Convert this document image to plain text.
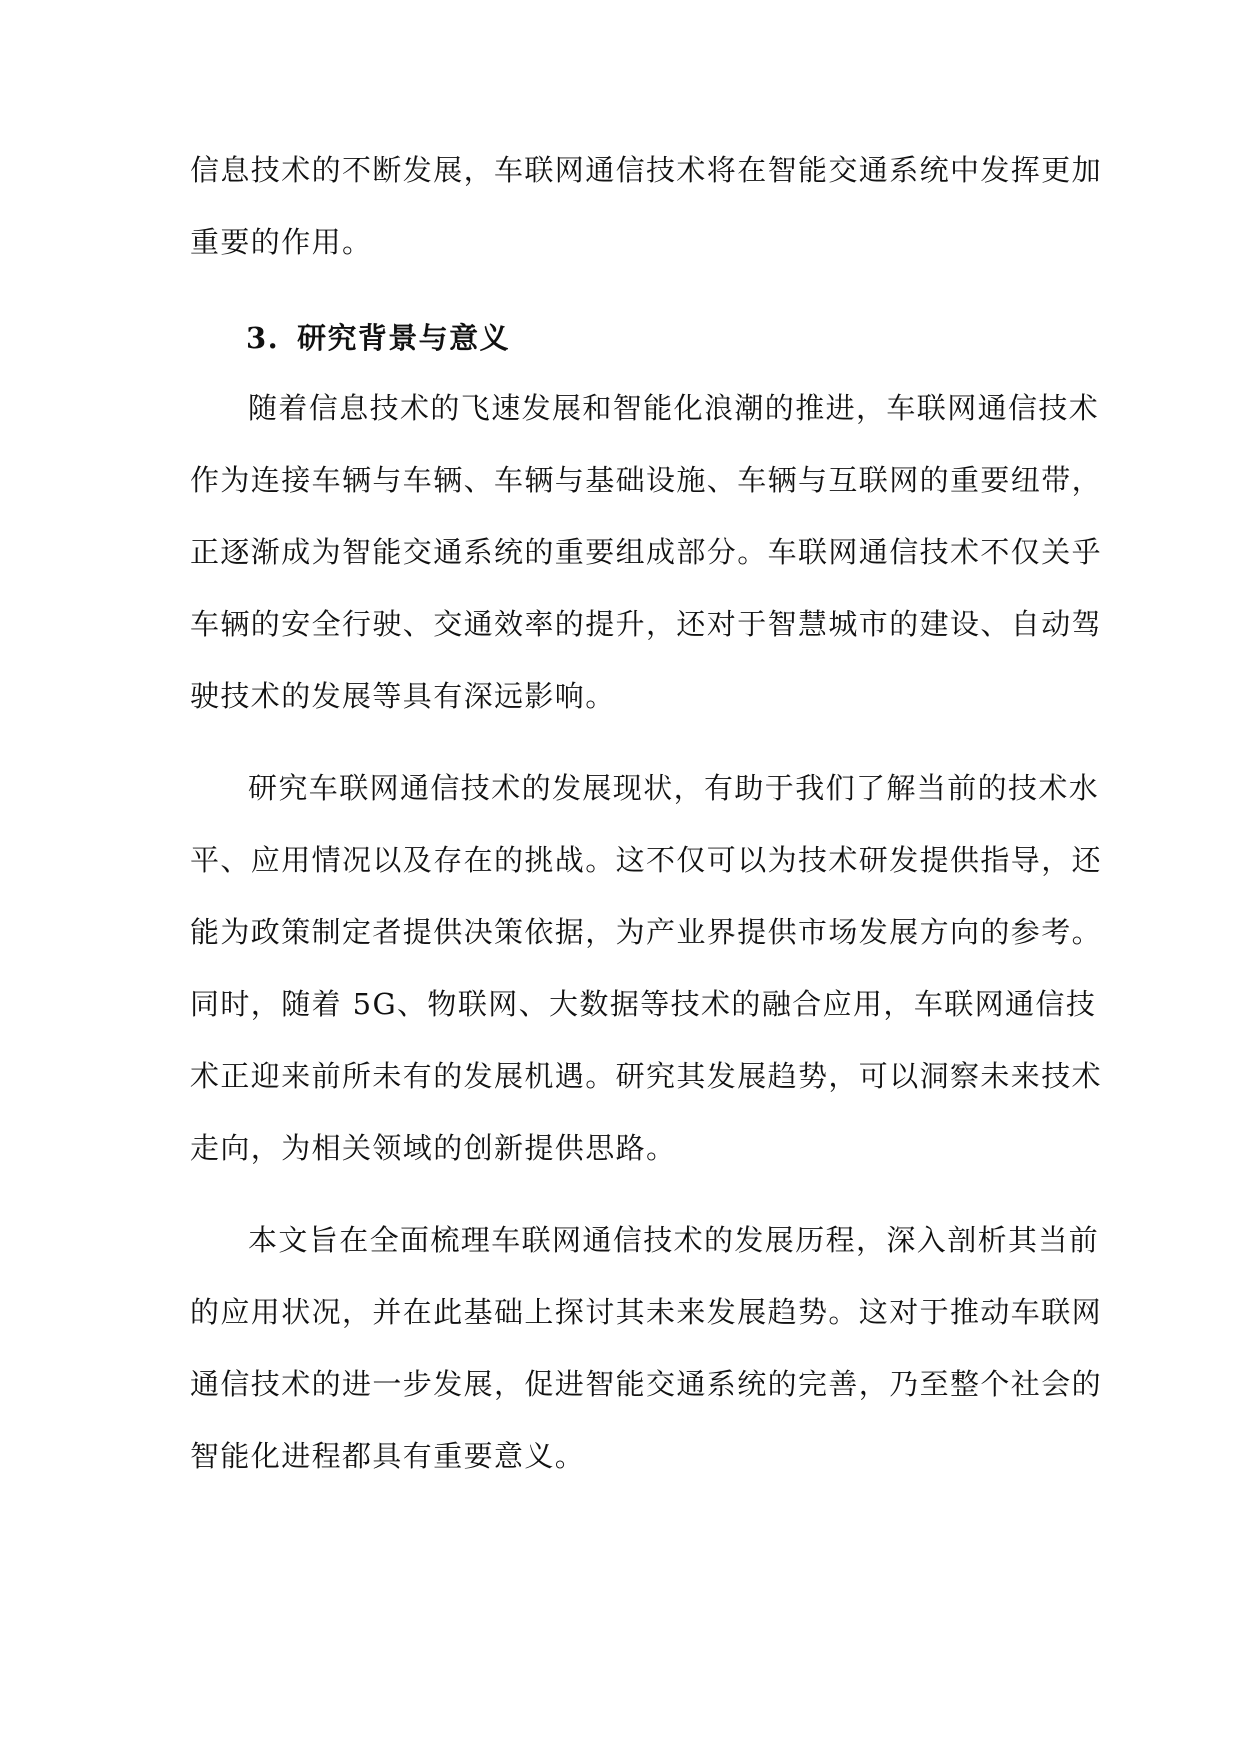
信息技术的不断发展，车联网通信技术将在智能交通系统中发挥更加
重要的作用。
3. 研究背景与意义
随着信息技术的飞速发展和智能化浪潮的推进，车联网通信技术
作为连接车辆与车辆、车辆与基础设施、车辆与互联网的重要纽带，
正逐渐成为智能交通系统的重要组成部分。车联网通信技术不仅关乎
车辆的安全行驶、交通效率的提升，还对于智慧城市的建设、自动驾
驶技术的发展等具有深远影响。
研究车联网通信技术的发展现状，有助于我们了解当前的技术水
平、应用情况以及存在的挑战。这不仅可以为技术研发提供指导，还
能为政策制定者提供决策依据，为产业界提供市场发展方向的参考。
同时，随着 5G、物联网、大数据等技术的融合应用，车联网通信技
术正迎来前所未有的发展机遇。研究其发展趋势，可以洞察未来技术
走向，为相关领域的创新提供思路。
本文旨在全面梳理车联网通信技术的发展历程，深入剖析其当前
的应用状况，并在此基础上探讨其未来发展趋势。这对于推动车联网
通信技术的进一步发展，促进智能交通系统的完善，乃至整个社会的
智能化进程都具有重要意义。
